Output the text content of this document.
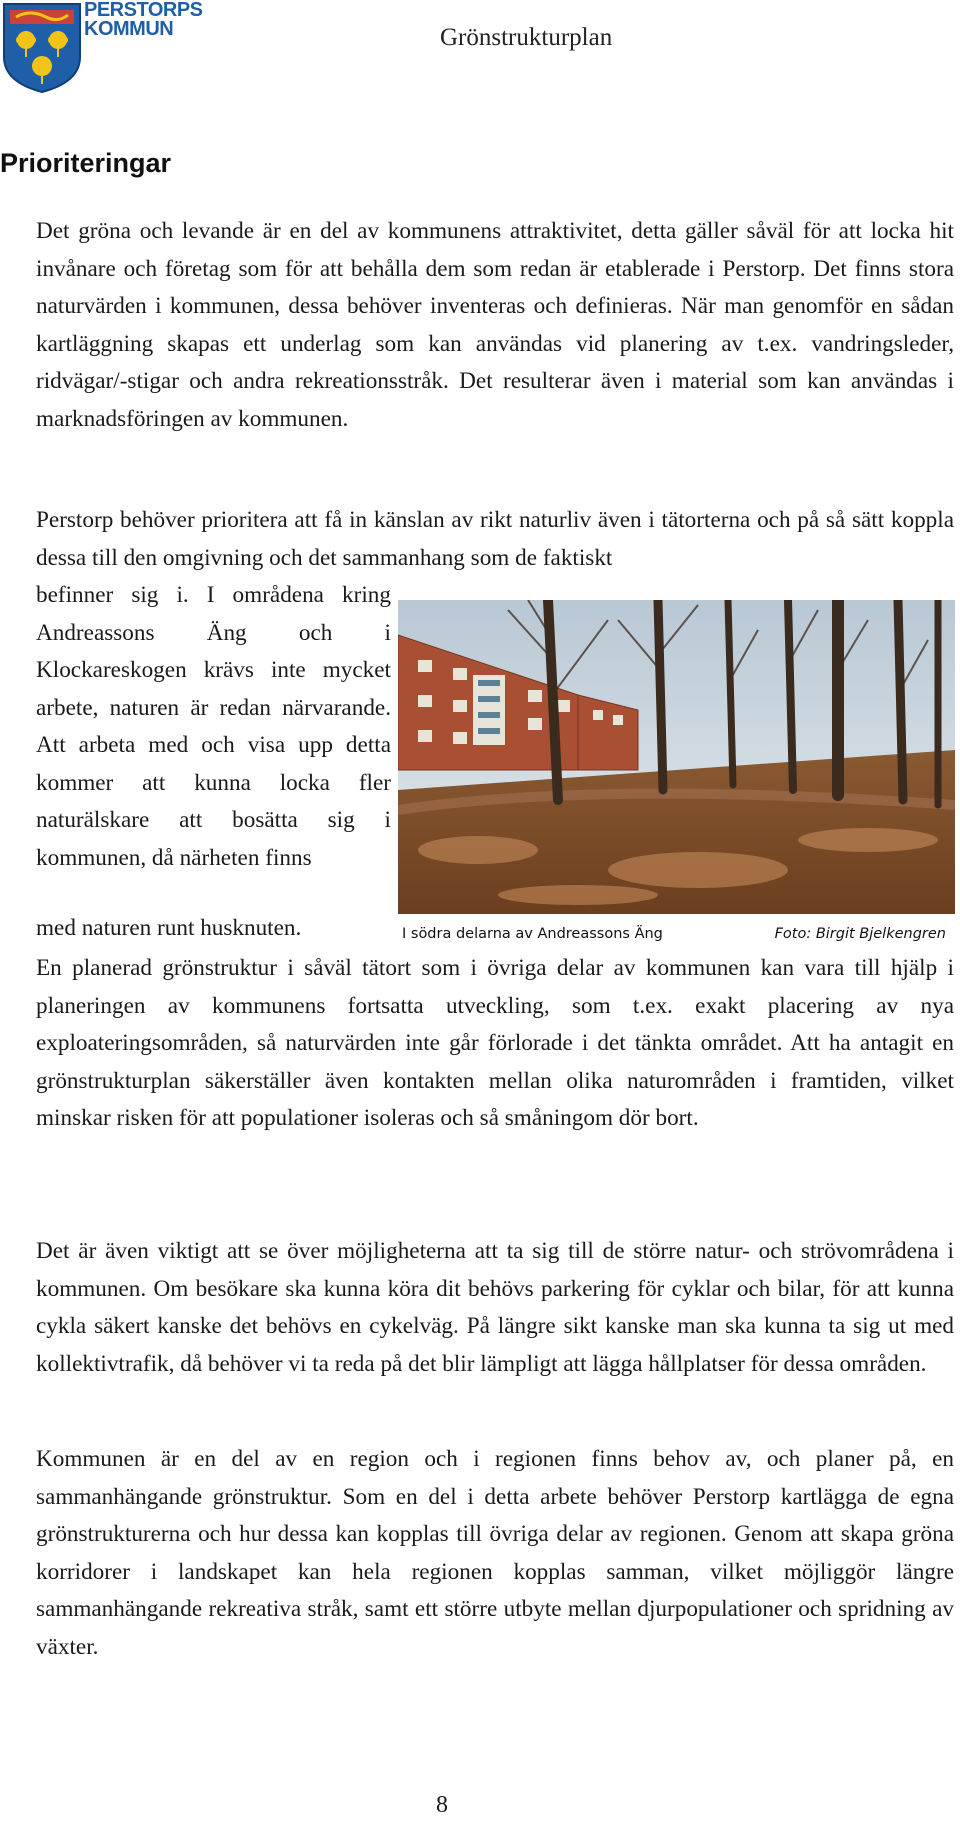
PERSTORPS
KOMMUN	Grönstrukturplan
Prioriteringar

Det gröna och levande är en del av kommunens attraktivitet, detta gäller såväl för att locka hit invånare och företag som för att behålla dem som redan är etablerade i Perstorp. Det finns stora naturvärden i kommunen, dessa behöver inventeras och definieras. När man genomför en sådan kartläggning skapas ett underlag som kan användas vid planering av t.ex. vandringsleder, ridvägar/-stigar och andra rekreationsstråk. Det resulterar även i material som kan användas i marknadsföringen av kommunen.

Perstorp behöver prioritera att få in känslan av rikt naturliv även i tätorterna och på så sätt koppla dessa till den omgivning och det sammanhang som de faktiskt

befinner sig i. I områdena kring Andreassons Äng och i Klockareskogen krävs inte mycket arbete, naturen är redan närvarande. Att arbeta med och visa upp detta kommer att kunna locka fler naturälskare att bosätta sig i kommunen, då närheten finns

med naturen runt husknuten.	I södra delarna av Andreassons Äng	Foto: Birgit Bjelkengren

En planerad grönstruktur i såväl tätort som i övriga delar av kommunen kan vara till hjälp i planeringen av kommunens fortsatta utveckling, som t.ex. exakt placering av nya exploateringsområden, så naturvärden inte går förlorade i det tänkta området. Att ha antagit en grönstrukturplan säkerställer även kontakten mellan olika naturområden i framtiden, vilket minskar risken för att populationer isoleras och så småningom dör bort.

Det är även viktigt att se över möjligheterna att ta sig till de större natur- och strövområdena i kommunen. Om besökare ska kunna köra dit behövs parkering för cyklar och bilar, för att kunna cykla säkert kanske det behövs en cykelväg. På längre sikt kanske man ska kunna ta sig ut med kollektivtrafik, då behöver vi ta reda på det blir lämpligt att lägga hållplatser för dessa områden.

Kommunen är en del av en region och i regionen finns behov av, och planer på, en sammanhängande grönstruktur. Som en del i detta arbete behöver Perstorp kartlägga de egna grönstrukturerna och hur dessa kan kopplas till övriga delar av regionen. Genom att skapa gröna korridorer i landskapet kan hela regionen kopplas samman, vilket möjliggör längre sammanhängande rekreativa stråk, samt ett större utbyte mellan djurpopulationer och spridning av växter.

8
